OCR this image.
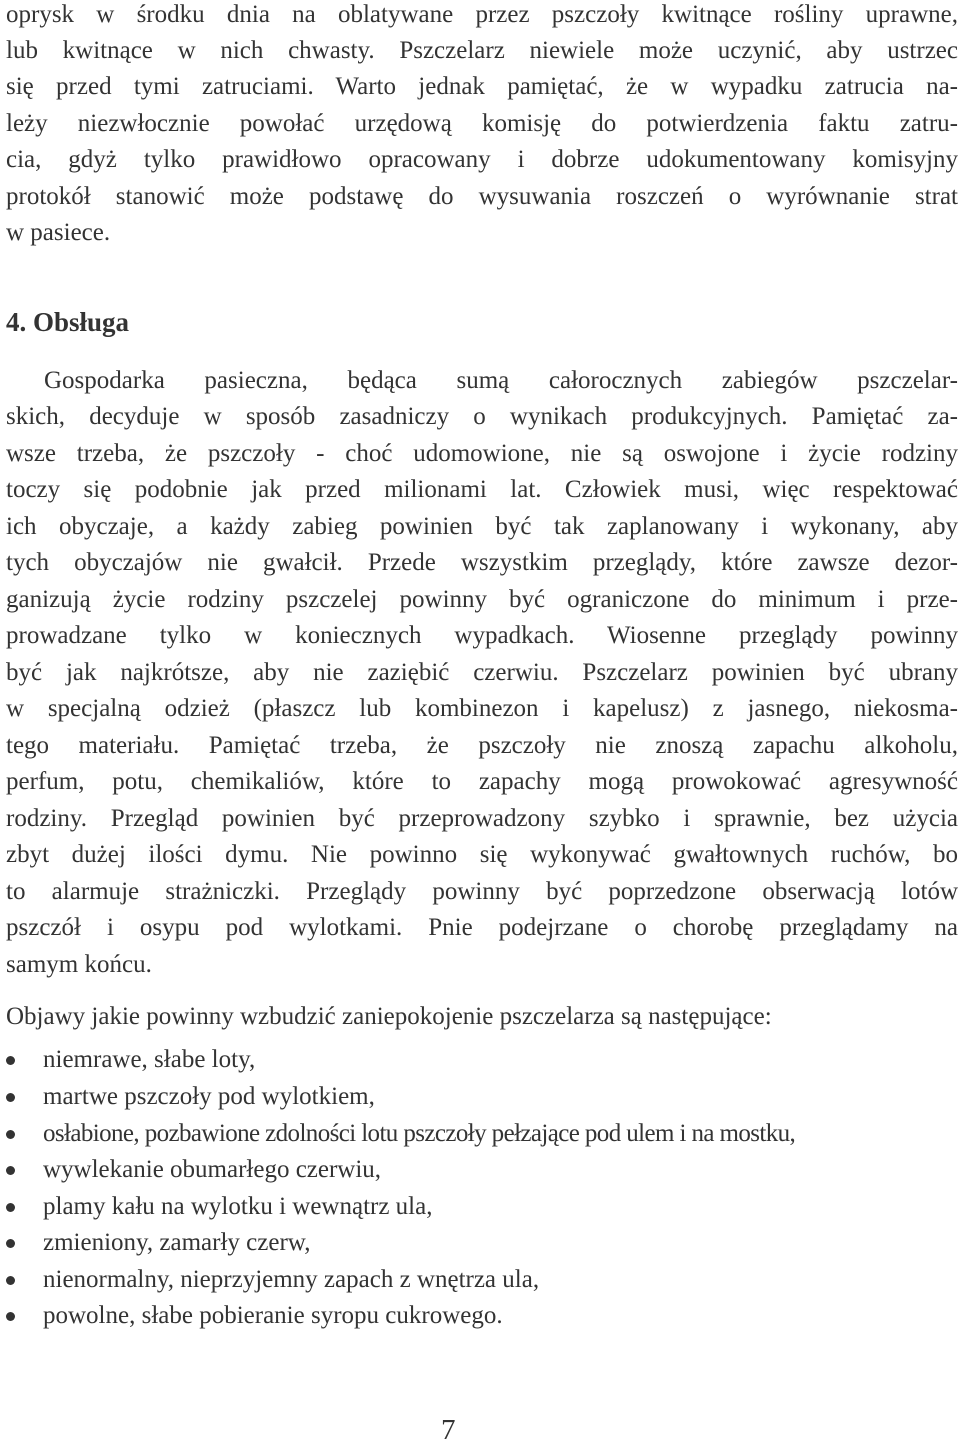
oprysk w środku dnia na oblatywane przez pszczoły kwitnące rośliny uprawne,
lub kwitnące w nich chwasty. Pszczelarz niewiele może uczynić, aby ustrzec
się przed tymi zatruciami. Warto jednak pamiętać, że w wypadku zatrucia na-
leży niezwłocznie powołać urzędową komisję do potwierdzenia faktu zatru-
cia, gdyż tylko prawidłowo opracowany i dobrze udokumentowany komisyjny
protokół stanowić może podstawę do wysuwania roszczeń o wyrównanie strat
w pasiece.
4. Obsługa
Gospodarka pasieczna, będąca sumą całorocznych zabiegów pszczelar-
skich, decyduje w sposób zasadniczy o wynikach produkcyjnych. Pamiętać za-
wsze trzeba, że pszczoły - choć udomowione, nie są oswojone i życie rodziny
toczy się podobnie jak przed milionami lat. Człowiek musi, więc respektować
ich obyczaje, a każdy zabieg powinien być tak zaplanowany i wykonany, aby
tych obyczajów nie gwałcił. Przede wszystkim przeglądy, które zawsze dezor-
ganizują życie rodziny pszczelej powinny być ograniczone do minimum i prze-
prowadzane tylko w koniecznych wypadkach. Wiosenne przeglądy powinny
być jak najkrótsze, aby nie zaziębić czerwiu. Pszczelarz powinien być ubrany
w specjalną odzież (płaszcz lub kombinezon i kapelusz) z jasnego, niekosma-
tego materiału. Pamiętać trzeba, że pszczoły nie znoszą zapachu alkoholu,
perfum, potu, chemikaliów, które to zapachy mogą prowokować agresywność
rodziny. Przegląd powinien być przeprowadzony szybko i sprawnie, bez użycia
zbyt dużej ilości dymu. Nie powinno się wykonywać gwałtownych ruchów, bo
to alarmuje strażniczki. Przeglądy powinny być poprzedzone obserwacją lotów
pszczół i osypu pod wylotkami. Pnie podejrzane o chorobę przeglądamy na
samym końcu.
Objawy jakie powinny wzbudzić zaniepokojenie pszczelarza są następujące:
niemrawe, słabe loty,
martwe pszczoły pod wylotkiem,
osłabione, pozbawione zdolności lotu pszczoły pełzające pod ulem i na mostku,
wywlekanie obumarłego czerwiu,
plamy kału na wylotku i wewnątrz ula,
zmieniony, zamarły czerw,
nienormalny, nieprzyjemny zapach z wnętrza ula,
powolne, słabe pobieranie syropu cukrowego.
7
